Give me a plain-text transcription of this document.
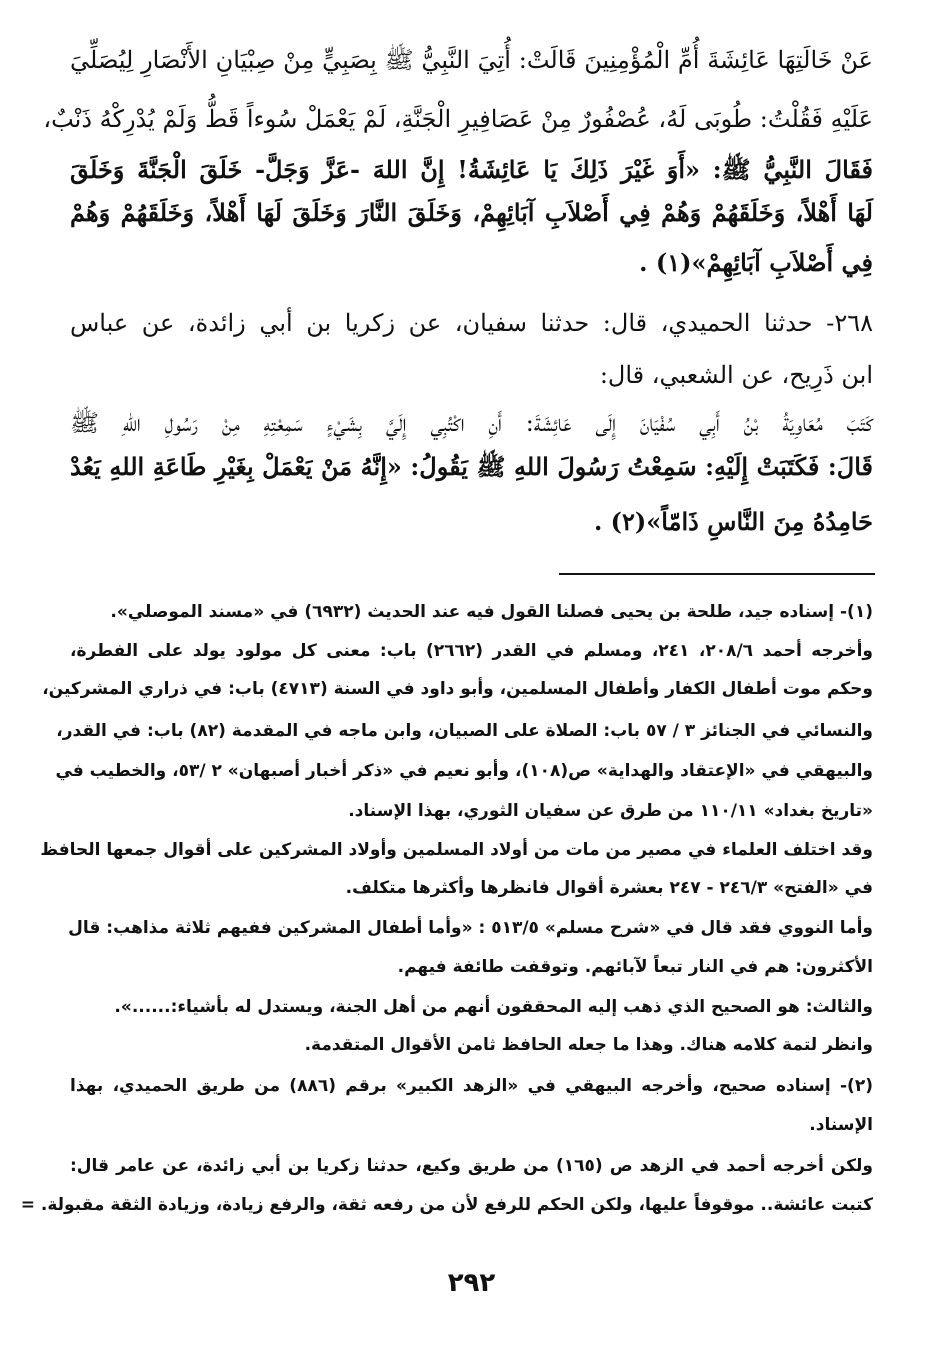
عَنْ خَالَتِهَا عَائِشَةَ أُمِّ الْمُؤْمِنِينَ قَالَتْ: أُتِيَ النَّبِيُّ ﷺ بِصَبِيٍّ مِنْ صِبْيَانِ الأَنْصَارِ لِيُصَلِّيَ
عَلَيْهِ فَقُلْتُ: طُوبَى لَهُ، عُصْفُورٌ مِنْ عَصَافِيرِ الْجَنَّةِ، لَمْ يَعْمَلْ سُوءاً قَطُّ وَلَمْ يُدْرِكْهُ ذَنْبٌ،
فَقَالَ النَّبِيُّ ﷺ: «أَوَ غَيْرَ ذَلِكَ يَا عَائِشَةُ! إِنَّ اللهَ -عَزَّ وَجَلَّ- خَلَقَ الْجَنَّةَ وَخَلَقَ
لَهَا أَهْلاً، وَخَلَقَهُمْ وَهُمْ فِي أَصْلاَبِ آبَائِهِمْ، وَخَلَقَ النَّارَ وَخَلَقَ لَهَا أَهْلاً، وَخَلَقَهُمْ وَهُمْ
فِي أَصْلاَبِ آبَائِهِمْ»(١) .
٢٦٨- حدثنا الحميدي، قال: حدثنا سفيان، عن زكريا بن أبي زائدة، عن عباس
ابن ذَرِيح، عن الشعبي، قال:
كَتَبَ مُعَاوِيَةُ بْنُ أَبِي سُفْيَانَ إِلَى عَائِشَةَ: أَنِ اكْتُبِي إِلَيَّ بِشَيْءٍ سَمِعْتِهِ مِنْ رَسُولِ اللهِ ﷺ
قَالَ: فَكَتَبَتْ إِلَيْهِ: سَمِعْتُ رَسُولَ اللهِ ﷺ يَقُولُ: «إِنَّهُ مَنْ يَعْمَلْ بِغَيْرِ طَاعَةِ اللهِ يَعُدْ
حَامِدُهُ مِنَ النَّاسِ ذَامّاً»(٢) .
(١)- إسناده جيد، طلحة بن يحيى فصلنا القول فيه عند الحديث (٦٩٣٢) في «مسند الموصلي».
وأخرجه أحمد ٢٠٨/٦، ٢٤١، ومسلم في القدر (٢٦٦٢) باب: معنى كل مولود يولد على الفطرة،
وحكم موت أطفال الكفار وأطفال المسلمين، وأبو داود في السنة (٤٧١٣) باب: في ذراري المشركين،
والنسائي في الجنائز ٣ / ٥٧ باب: الصلاة على الصبيان، وابن ماجه في المقدمة (٨٢) باب: في القدر،
والبيهقي في «الإعتقاد والهداية» ص(١٠٨)، وأبو نعيم في «ذكر أخبار أصبهان» ٢ /٥٣، والخطيب في
«تاريخ بغداد» ١١٠/١١ من طرق عن سفيان الثوري، بهذا الإسناد.
وقد اختلف العلماء في مصير من مات من أولاد المسلمين وأولاد المشركين على أقوال جمعها الحافظ
في «الفتح» ٢٤٦/٣ - ٢٤٧ بعشرة أقوال فانظرها وأكثرها متكلف.
وأما النووي فقد قال في «شرح مسلم» ٥١٣/٥ : «وأما أطفال المشركين ففيهم ثلاثة مذاهب: قال
الأكثرون: هم في النار تبعاً لآبائهم. وتوقفت طائفة فيهم.
والثالث: هو الصحيح الذي ذهب إليه المحققون أنهم من أهل الجنة، ويستدل له بأشياء:......».
وانظر لتمة كلامه هناك. وهذا ما جعله الحافظ ثامن الأقوال المتقدمة.
(٢)- إسناده صحيح، وأخرجه البيهقي في «الزهد الكبير» برقم (٨٨٦) من طريق الحميدي، بهذا
الإسناد.
ولكن أخرجه أحمد في الزهد ص (١٦٥) من طريق وكيع، حدثنا زكريا بن أبي زائدة، عن عامر قال:
كتبت عائشة.. موقوفاً عليها، ولكن الحكم للرفع لأن من رفعه ثقة، والرفع زيادة، وزيادة الثقة مقبولة. =
٢٩٢
